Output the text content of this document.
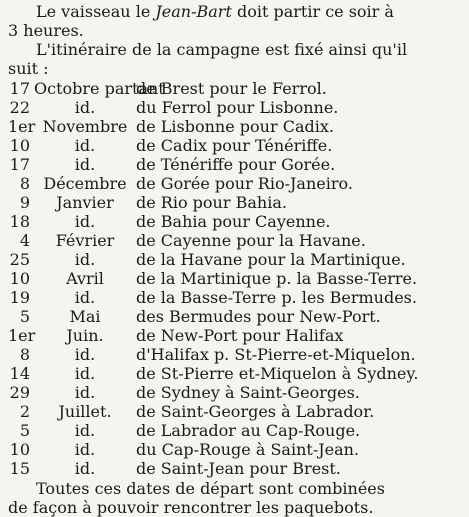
Le vaisseau le Jean-Bart doit partir ce soir à
3 heures.

L'itinéraire de la campagne est fixé ainsi qu'il
suit :

17	Octobre partant	de Brest pour le Ferrol.
22	id.	du Ferrol pour Lisbonne.
1er	Novembre	de Lisbonne pour Cadix.
10	id.	de Cadix pour Ténériffe.
17	id.	de Ténériffe pour Gorée.
8	Décembre	de Gorée pour Rio-Janeiro.
9	Janvier	de Rio pour Bahia.
18	id.	de Bahia pour Cayenne.
4	Février	de Cayenne pour la Havane.
25	id.	de la Havane pour la Martinique.
10	Avril	de la Martinique p. la Basse-Terre.
19	id.	de la Basse-Terre p. les Bermudes.
5	Mai	des Bermudes pour New-Port.
1er	Juin.	de New-Port pour Halifax
8	id.	d'Halifax p. St-Pierre-et-Miquelon.
14	id.	de St-Pierre et-Miquelon à Sydney.
29	id.	de Sydney à Saint-Georges.
2	Juillet.	de Saint-Georges à Labrador.
5	id.	de Labrador au Cap-Rouge.
10	id.	du Cap-Rouge à Saint-Jean.
15	id.	de Saint-Jean pour Brest.

Toutes ces dates de départ sont combinées
de façon à pouvoir rencontrer les paquebots.
